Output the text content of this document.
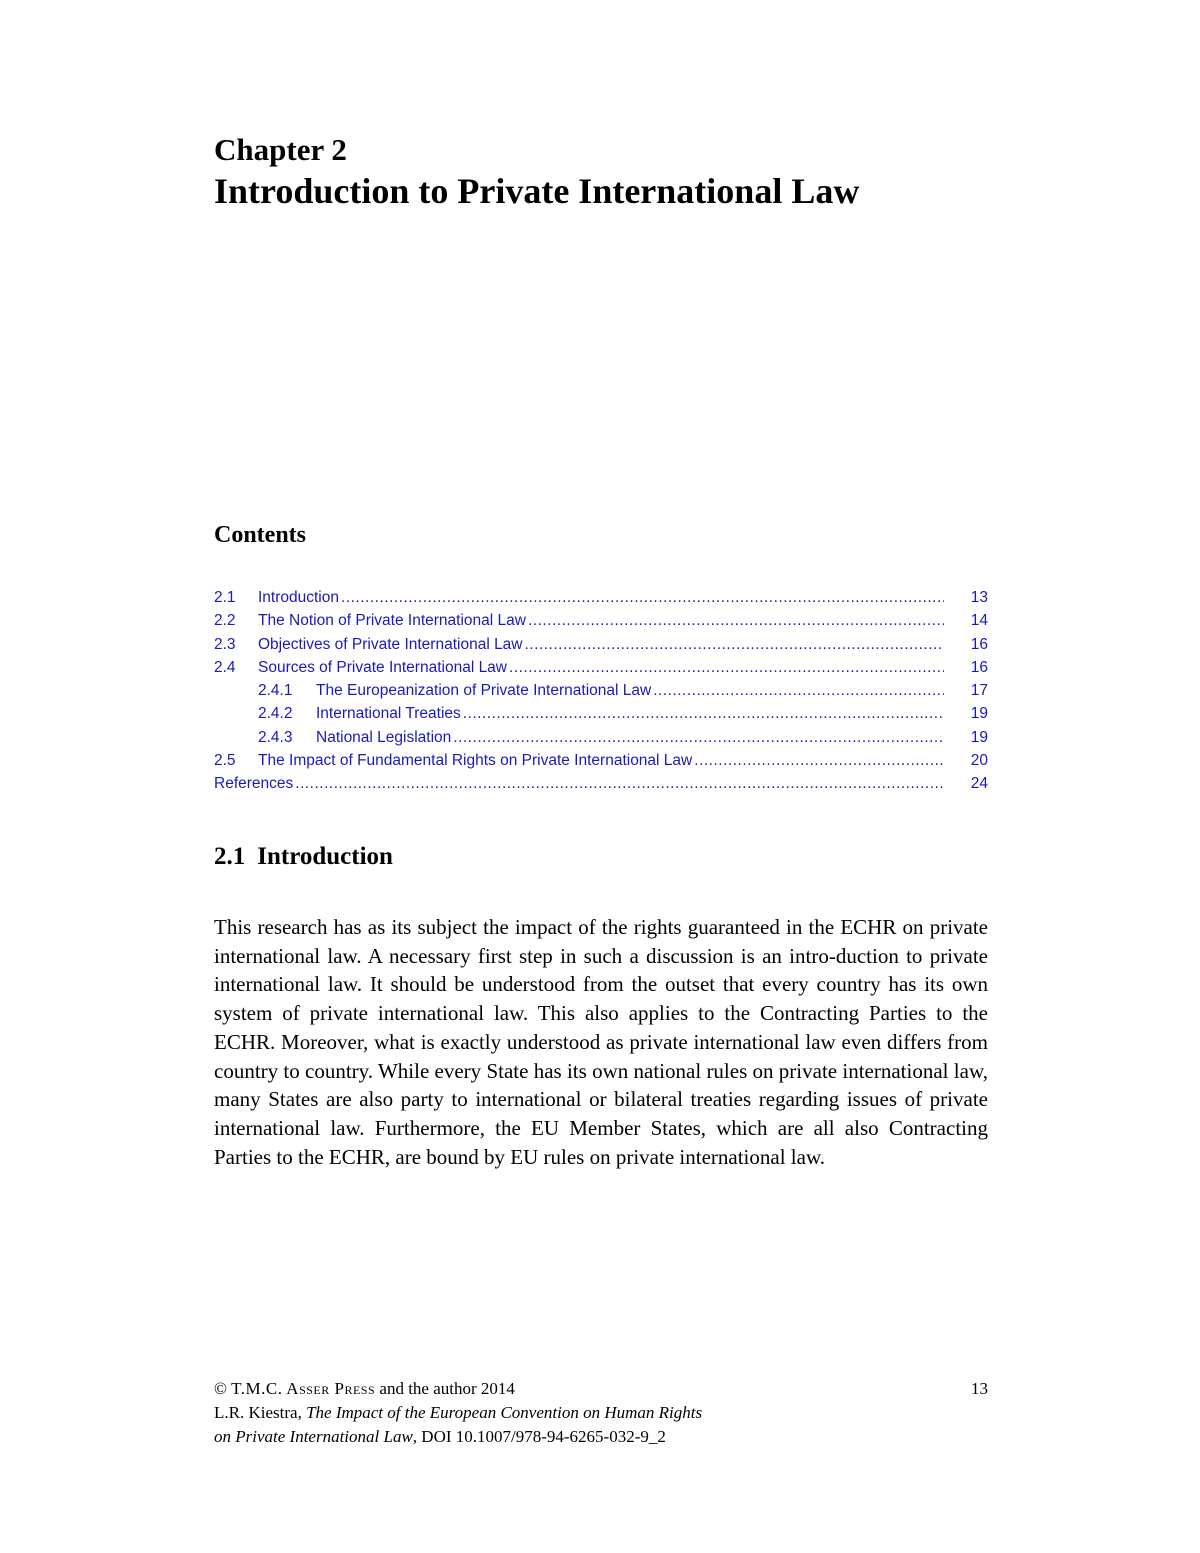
Chapter 2
Introduction to Private International Law
Contents
2.1	Introduction .....	13
2.2	The Notion of Private International Law .....	14
2.3	Objectives of Private International Law .....	16
2.4	Sources of Private International Law .....	16
2.4.1	The Europeanization of Private International Law .....	17
2.4.2	International Treaties .....	19
2.4.3	National Legislation .....	19
2.5	The Impact of Fundamental Rights on Private International Law .....	20
References .....	24
2.1 Introduction
This research has as its subject the impact of the rights guaranteed in the ECHR on private international law. A necessary first step in such a discussion is an intro-duction to private international law. It should be understood from the outset that every country has its own system of private international law. This also applies to the Contracting Parties to the ECHR. Moreover, what is exactly understood as private international law even differs from country to country. While every State has its own national rules on private international law, many States are also party to international or bilateral treaties regarding issues of private international law. Furthermore, the EU Member States, which are all also Contracting Parties to the ECHR, are bound by EU rules on private international law.
© T.M.C. Asser Press and the author 2014	13
L.R. Kiestra, The Impact of the European Convention on Human Rights
on Private International Law, DOI 10.1007/978-94-6265-032-9_2
